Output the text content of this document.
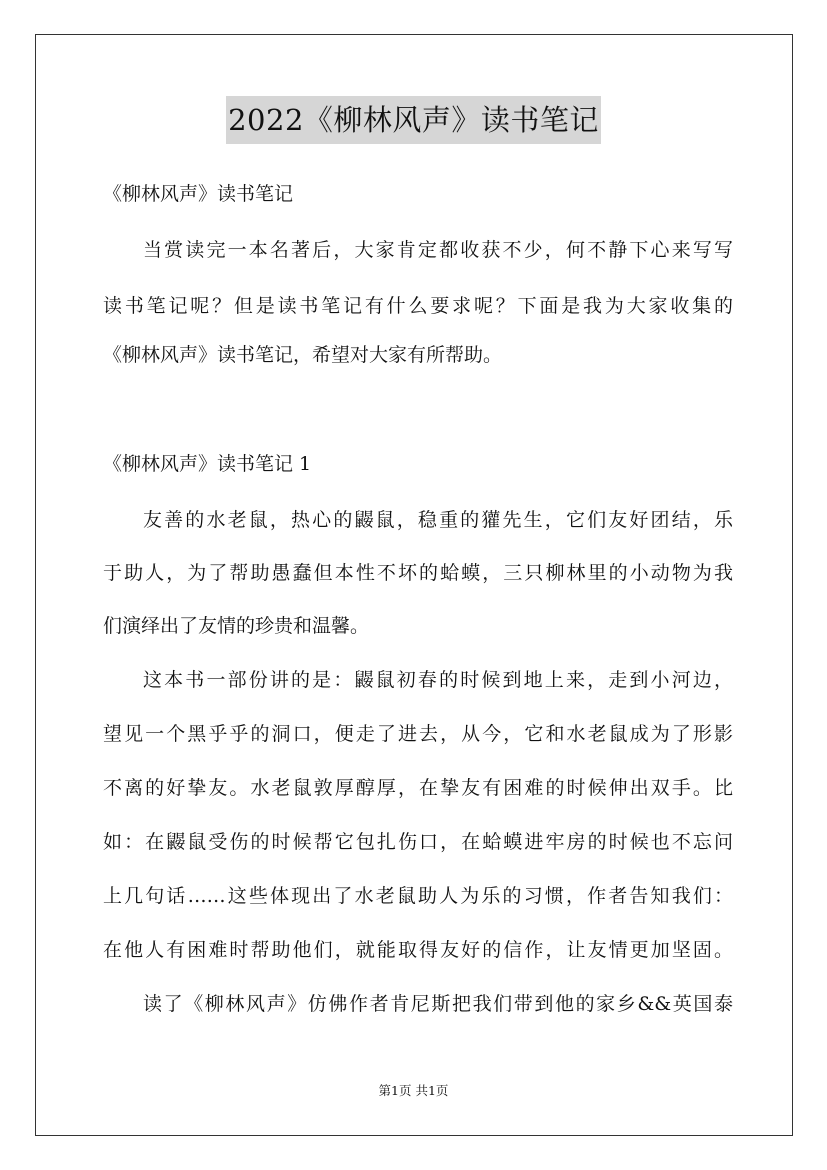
2022《柳林风声》读书笔记
《柳林风声》读书笔记
当赏读完一本名著后，大家肯定都收获不少，何不静下心来写写
读书笔记呢？但是读书笔记有什么要求呢？下面是我为大家收集的
《柳林风声》读书笔记，希望对大家有所帮助。
《柳林风声》读书笔记 1
友善的水老鼠，热心的鼹鼠，稳重的獾先生，它们友好团结，乐
于助人，为了帮助愚蠢但本性不坏的蛤蟆，三只柳林里的小动物为我
们演绎出了友情的珍贵和温馨。
这本书一部份讲的是：鼹鼠初春的时候到地上来，走到小河边，
望见一个黑乎乎的洞口，便走了进去，从今，它和水老鼠成为了形影
不离的好挚友。水老鼠敦厚醇厚，在挚友有困难的时候伸出双手。比
如：在鼹鼠受伤的时候帮它包扎伤口，在蛤蟆进牢房的时候也不忘问
上几句话……这些体现出了水老鼠助人为乐的习惯，作者告知我们：
在他人有困难时帮助他们，就能取得友好的信作，让友情更加坚固。
读了《柳林风声》仿佛作者肯尼斯把我们带到他的家乡&&英国泰
第1页 共1页
